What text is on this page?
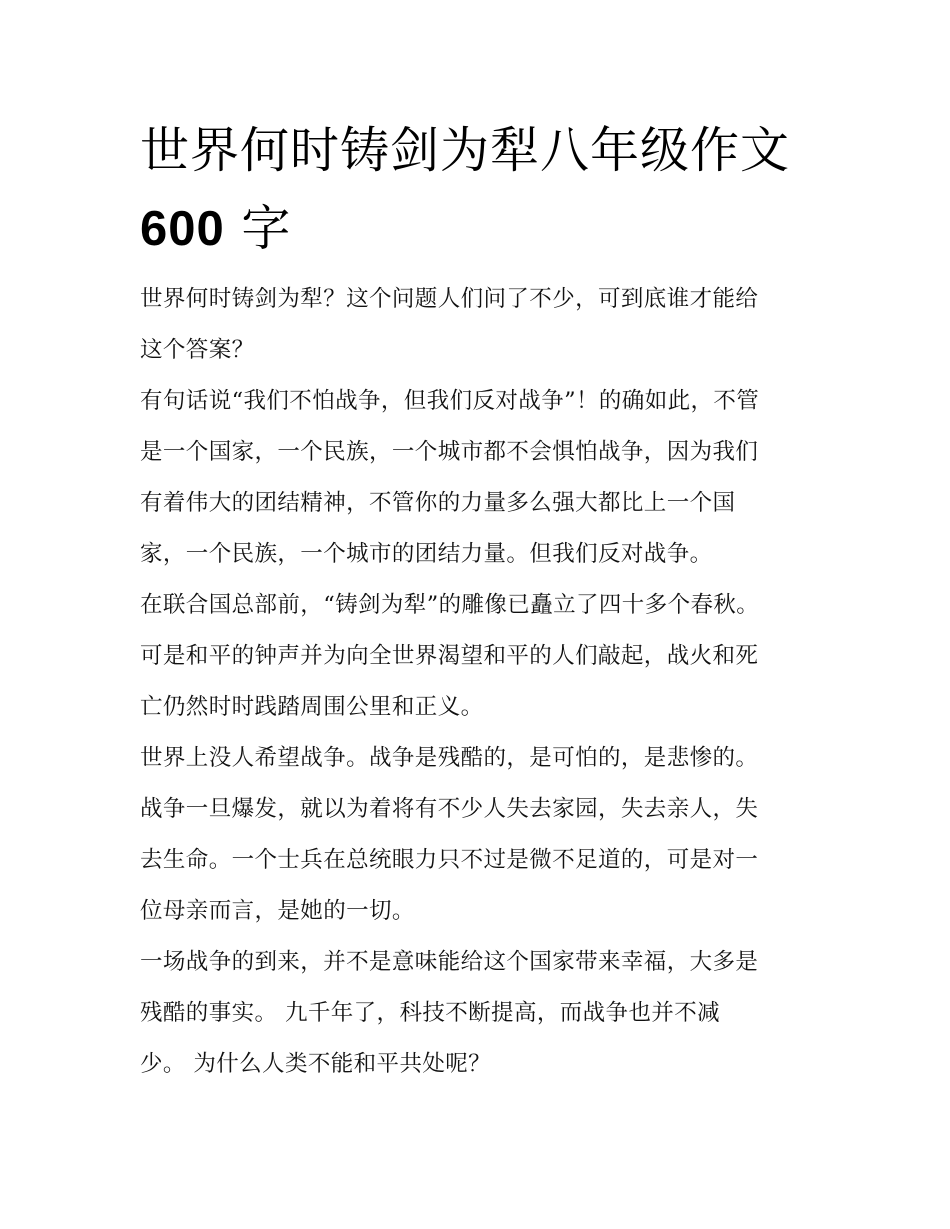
世界何时铸剑为犁八年级作文
600 字

世界何时铸剑为犁？这个问题人们问了不少，可到底谁才能给

这个答案？

有句话说“我们不怕战争，但我们反对战争”！的确如此，不管

是一个国家，一个民族，一个城市都不会惧怕战争，因为我们

有着伟大的团结精神，不管你的力量多么强大都比上一个国

家，一个民族，一个城市的团结力量。但我们反对战争。

在联合国总部前，“铸剑为犁”的雕像已矗立了四十多个春秋。

可是和平的钟声并为向全世界渴望和平的人们敲起，战火和死

亡仍然时时践踏周围公里和正义。

世界上没人希望战争。战争是残酷的，是可怕的，是悲惨的。

战争一旦爆发，就以为着将有不少人失去家园，失去亲人，失

去生命。一个士兵在总统眼力只不过是微不足道的，可是对一

位母亲而言，是她的一切。

一场战争的到来，并不是意味能给这个国家带来幸福，大多是

残酷的事实。 九千年了，科技不断提高，而战争也并不减

少。 为什么人类不能和平共处呢？
